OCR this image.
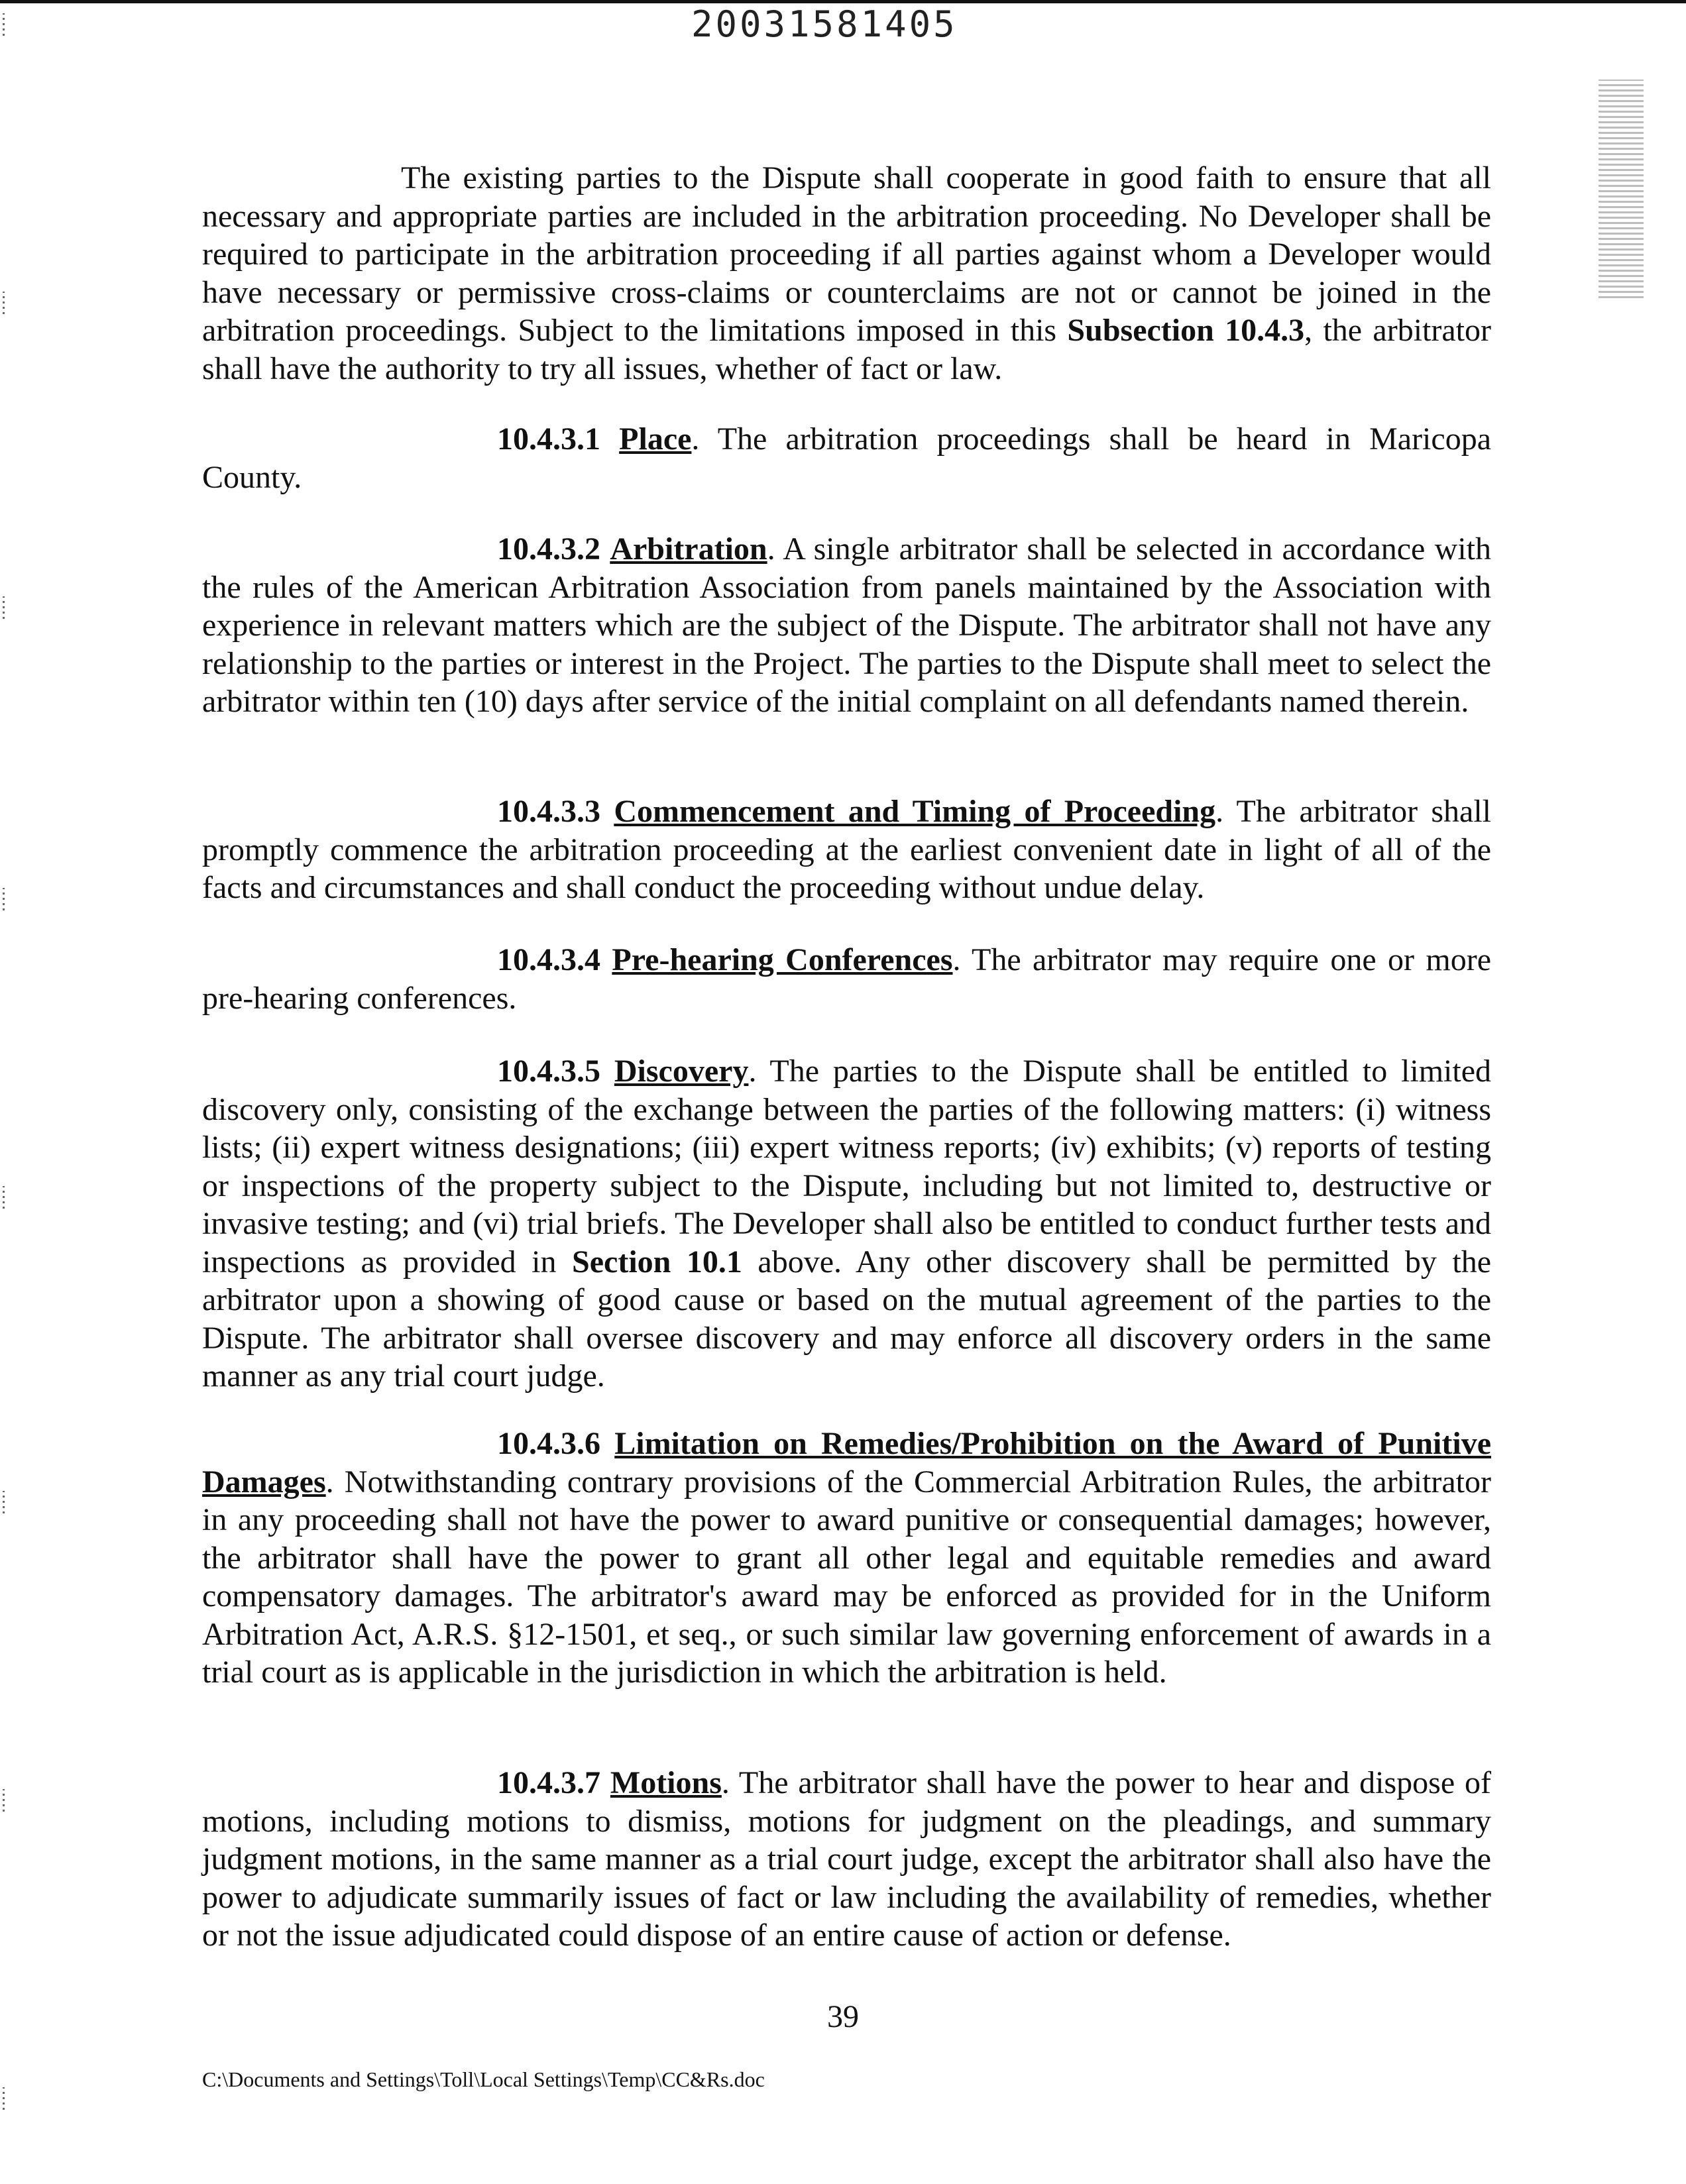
20031581405

The existing parties to the Dispute shall cooperate in good faith to ensure that all necessary and appropriate parties are included in the arbitration proceeding. No Developer shall be required to participate in the arbitration proceeding if all parties against whom a Developer would have necessary or permissive cross-claims or counterclaims are not or cannot be joined in the arbitration proceedings. Subject to the limitations imposed in this Subsection 10.4.3, the arbitrator shall have the authority to try all issues, whether of fact or law.

10.4.3.1 Place. The arbitration proceedings shall be heard in Maricopa County.

10.4.3.2 Arbitration. A single arbitrator shall be selected in accordance with the rules of the American Arbitration Association from panels maintained by the Association with experience in relevant matters which are the subject of the Dispute. The arbitrator shall not have any relationship to the parties or interest in the Project. The parties to the Dispute shall meet to select the arbitrator within ten (10) days after service of the initial complaint on all defendants named therein.

10.4.3.3 Commencement and Timing of Proceeding. The arbitrator shall promptly commence the arbitration proceeding at the earliest convenient date in light of all of the facts and circumstances and shall conduct the proceeding without undue delay.

10.4.3.4 Pre-hearing Conferences. The arbitrator may require one or more pre-hearing conferences.

10.4.3.5 Discovery. The parties to the Dispute shall be entitled to limited discovery only, consisting of the exchange between the parties of the following matters: (i) witness lists; (ii) expert witness designations; (iii) expert witness reports; (iv) exhibits; (v) reports of testing or inspections of the property subject to the Dispute, including but not limited to, destructive or invasive testing; and (vi) trial briefs. The Developer shall also be entitled to conduct further tests and inspections as provided in Section 10.1 above. Any other discovery shall be permitted by the arbitrator upon a showing of good cause or based on the mutual agreement of the parties to the Dispute. The arbitrator shall oversee discovery and may enforce all discovery orders in the same manner as any trial court judge.

10.4.3.6 Limitation on Remedies/Prohibition on the Award of Punitive Damages. Notwithstanding contrary provisions of the Commercial Arbitration Rules, the arbitrator in any proceeding shall not have the power to award punitive or consequential damages; however, the arbitrator shall have the power to grant all other legal and equitable remedies and award compensatory damages. The arbitrator's award may be enforced as provided for in the Uniform Arbitration Act, A.R.S. §12-1501, et seq., or such similar law governing enforcement of awards in a trial court as is applicable in the jurisdiction in which the arbitration is held.

10.4.3.7 Motions. The arbitrator shall have the power to hear and dispose of motions, including motions to dismiss, motions for judgment on the pleadings, and summary judgment motions, in the same manner as a trial court judge, except the arbitrator shall also have the power to adjudicate summarily issues of fact or law including the availability of remedies, whether or not the issue adjudicated could dispose of an entire cause of action or defense.

39
C:\Documents and Settings\Toll\Local Settings\Temp\CC&Rs.doc
